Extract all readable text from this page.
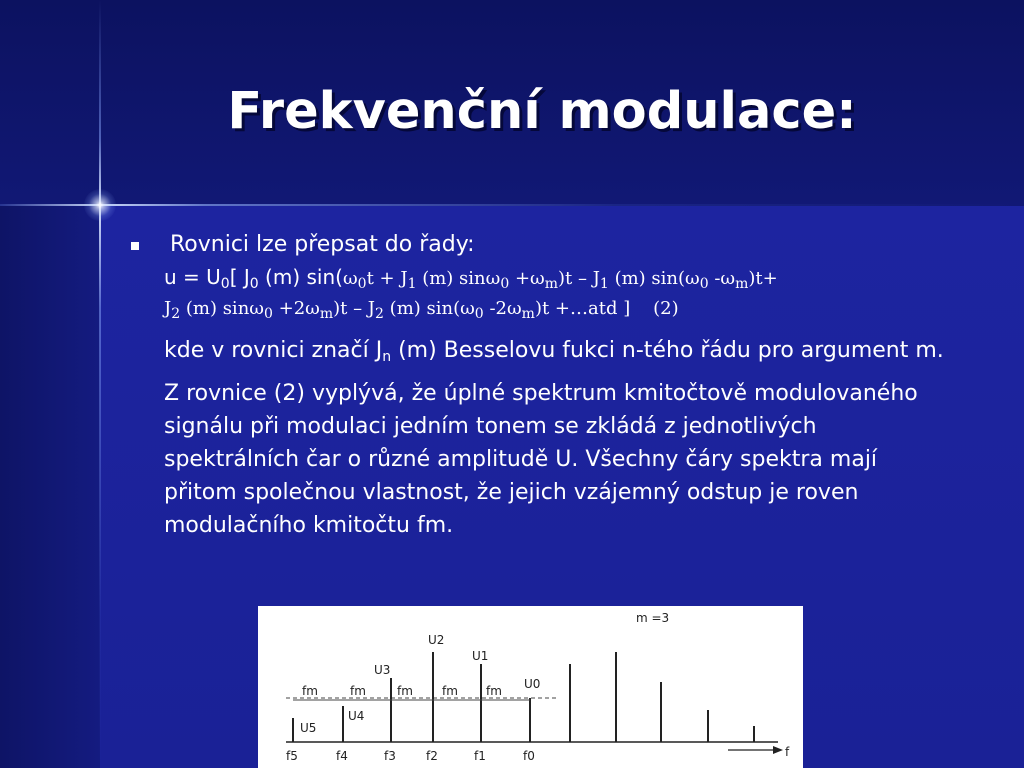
Frekvenční modulace:
Rovnici lze přepsat do řady:
$u = U_0$[ $J_0$ (m) $\sin(\omega_0t + J_1$ (m) $\sin\omega_0 +\omega_m)t - J_1$ (m) $\sin(\omega_0$ $-\omega_m)t+$
$J_2$ (m) $\sin\omega_0 +2\omega_m)t - J_2$ (m) $\sin(\omega_0$ $-2\omega_m)t$ +…atd ] (2)
kde v rovnici značí $J_n$ (m) Besselovu fukci n-tého řádu pro argument m.
Z rovnice (2) vyplývá, že úplné spektrum kmitočtově modulovaného signálu při modulaci jedním tonem se zkládá z jednotlivých spektrálních čar o různé amplitudě U. Všechny čáry spektra mají přitom společnou vlastnost, že jejich vzájemný odstup je roven modulačního kmitočtu fm.
f
m =3
fm	fm	fm fm fm
U5
U4
U3
U2
U1
U0
f5	f4	f3	f2	f1	f0
